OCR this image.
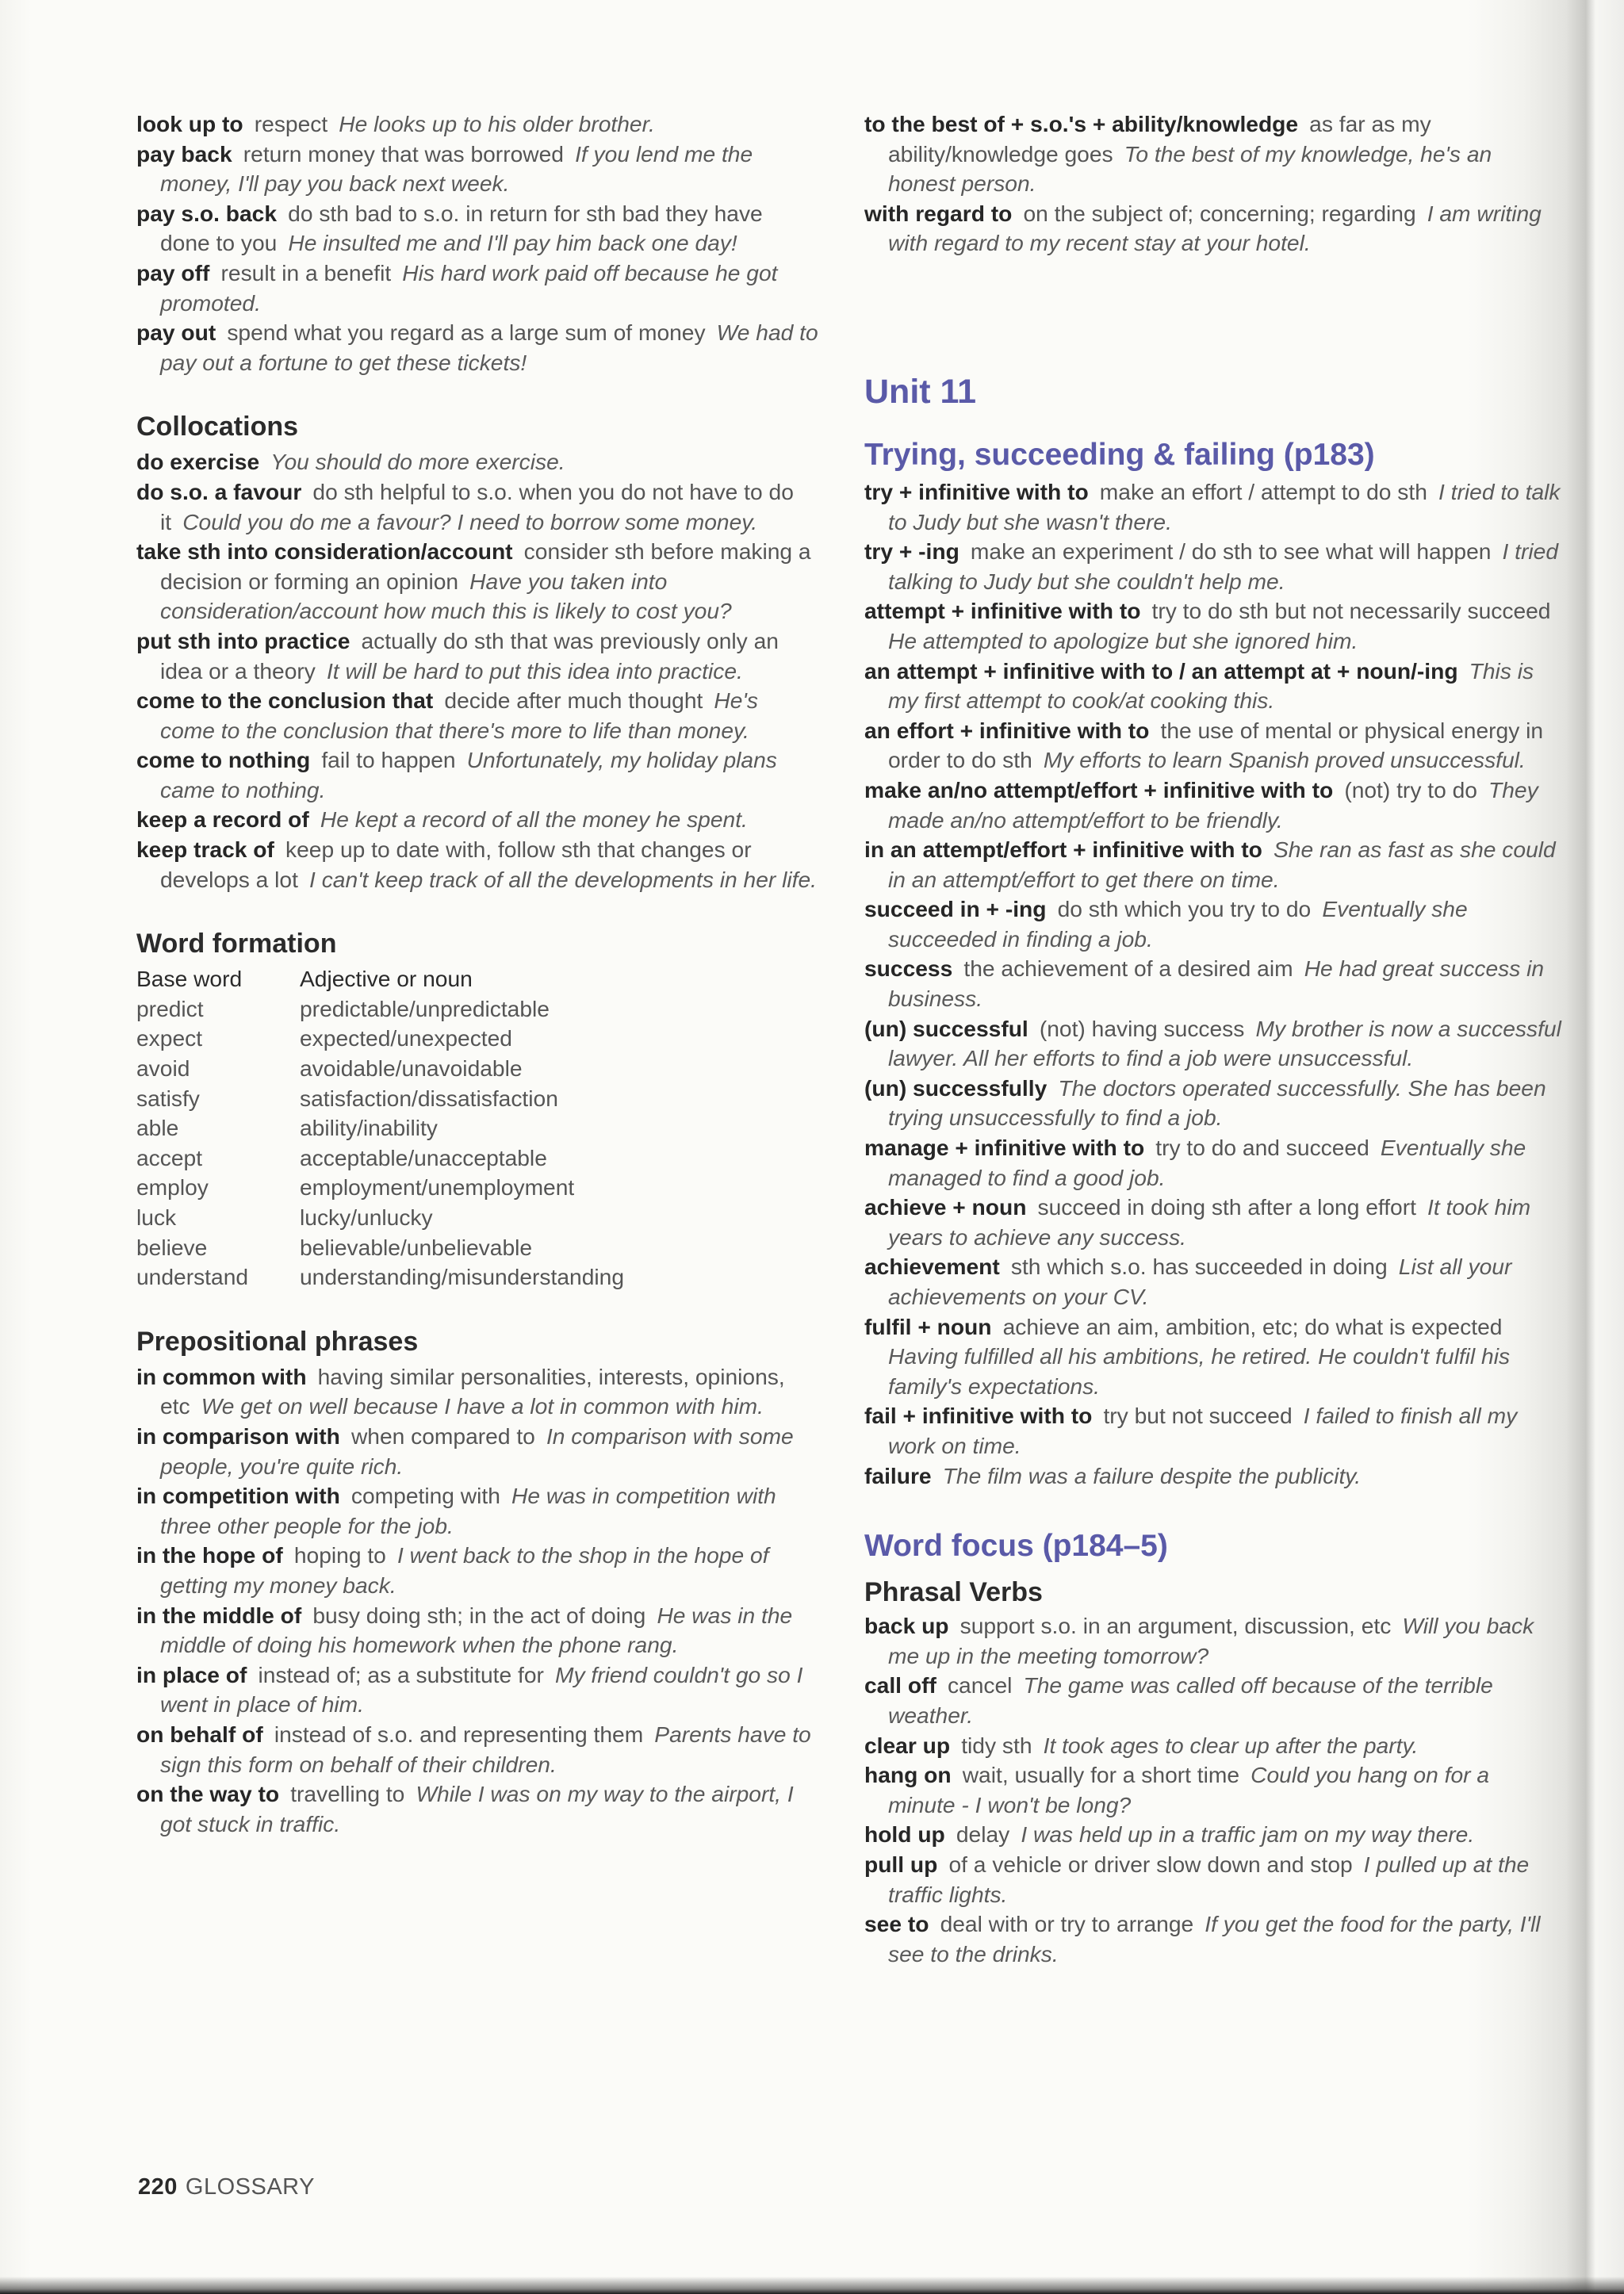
look up to  respect  He looks up to his older brother.

pay back  return money that was borrowed  If you lend me the money, I'll pay you back next week.

pay s.o. back  do sth bad to s.o. in return for sth bad they have done to you  He insulted me and I'll pay him back one day!

pay off  result in a benefit  His hard work paid off because he got promoted.

pay out  spend what you regard as a large sum of money  We had to pay out a fortune to get these tickets!

Collocations

do exercise  You should do more exercise.

do s.o. a favour  do sth helpful to s.o. when you do not have to do it  Could you do me a favour? I need to borrow some money.

take sth into consideration/account  consider sth before making a decision or forming an opinion  Have you taken into consideration/account how much this is likely to cost you?

put sth into practice  actually do sth that was previously only an idea or a theory  It will be hard to put this idea into practice.

come to the conclusion that  decide after much thought  He's come to the conclusion that there's more to life than money.

come to nothing  fail to happen  Unfortunately, my holiday plans came to nothing.

keep a record of  He kept a record of all the money he spent.

keep track of  keep up to date with, follow sth that changes or develops a lot  I can't keep track of all the developments in her life.

Word formation
Base word	Adjective or noun
predict	predictable/unpredictable
expect	expected/unexpected
avoid	avoidable/unavoidable
satisfy	satisfaction/dissatisfaction
able	ability/inability
accept	acceptable/unacceptable
employ	employment/unemployment
luck	lucky/unlucky
believe	believable/unbelievable
understand	understanding/misunderstanding
Prepositional phrases

in common with  having similar personalities, interests, opinions, etc  We get on well because I have a lot in common with him.

in comparison with  when compared to  In comparison with some people, you're quite rich.

in competition with  competing with  He was in competition with three other people for the job.

in the hope of  hoping to  I went back to the shop in the hope of getting my money back.

in the middle of  busy doing sth; in the act of doing  He was in the middle of doing his homework when the phone rang.

in place of  instead of; as a substitute for  My friend couldn't go so I went in place of him.

on behalf of  instead of s.o. and representing them  Parents have to sign this form on behalf of their children.

on the way to  travelling to  While I was on my way to the airport, I got stuck in traffic.

to the best of + s.o.'s + ability/knowledge  as far as my ability/knowledge goes  To the best of my knowledge, he's an honest person.

with regard to  on the subject of; concerning; regarding  I am writing with regard to my recent stay at your hotel.

Unit 11
Trying, succeeding & failing (p183)

try + infinitive with to  make an effort / attempt to do sth  I tried to talk to Judy but she wasn't there.

try + -ing  make an experiment / do sth to see what will happen  I tried talking to Judy but she couldn't help me.

attempt + infinitive with to  try to do sth but not necessarily succeed He attempted to apologize but she ignored him.

an attempt + infinitive with to / an attempt at + noun/-ing  This is my first attempt to cook/at cooking this.

an effort + infinitive with to  the use of mental or physical energy in order to do sth  My efforts to learn Spanish proved unsuccessful.

make an/no attempt/effort + infinitive with to  (not) try to do  They made an/no attempt/effort to be friendly.

in an attempt/effort + infinitive with to  She ran as fast as she could in an attempt/effort to get there on time.

succeed in + -ing  do sth which you try to do  Eventually she succeeded in finding a job.

success  the achievement of a desired aim  He had great success in business.

(un) successful  (not) having success  My brother is now a successful lawyer. All her efforts to find a job were unsuccessful.

(un) successfully  The doctors operated successfully. She has been trying unsuccessfully to find a job.

manage + infinitive with to  try to do and succeed  Eventually she managed to find a good job.

achieve + noun  succeed in doing sth after a long effort  It took him years to achieve any success.

achievement  sth which s.o. has succeeded in doing  List all your achievements on your CV.

fulfil + noun  achieve an aim, ambition, etc; do what is expected Having fulfilled all his ambitions, he retired. He couldn't fulfil his family's expectations.

fail + infinitive with to  try but not succeed  I failed to finish all my work on time.

failure  The film was a failure despite the publicity.

Word focus (p184–5)
Phrasal Verbs

back up  support s.o. in an argument, discussion, etc  Will you back me up in the meeting tomorrow?

call off  cancel  The game was called off because of the terrible weather.

clear up  tidy sth  It took ages to clear up after the party.

hang on  wait, usually for a short time  Could you hang on for a minute - I won't be long?

hold up  delay  I was held up in a traffic jam on my way there.

pull up  of a vehicle or driver slow down and stop  I pulled up at the traffic lights.

see to  deal with or try to arrange  If you get the food for the party, I'll see to the drinks.

220 GLOSSARY
